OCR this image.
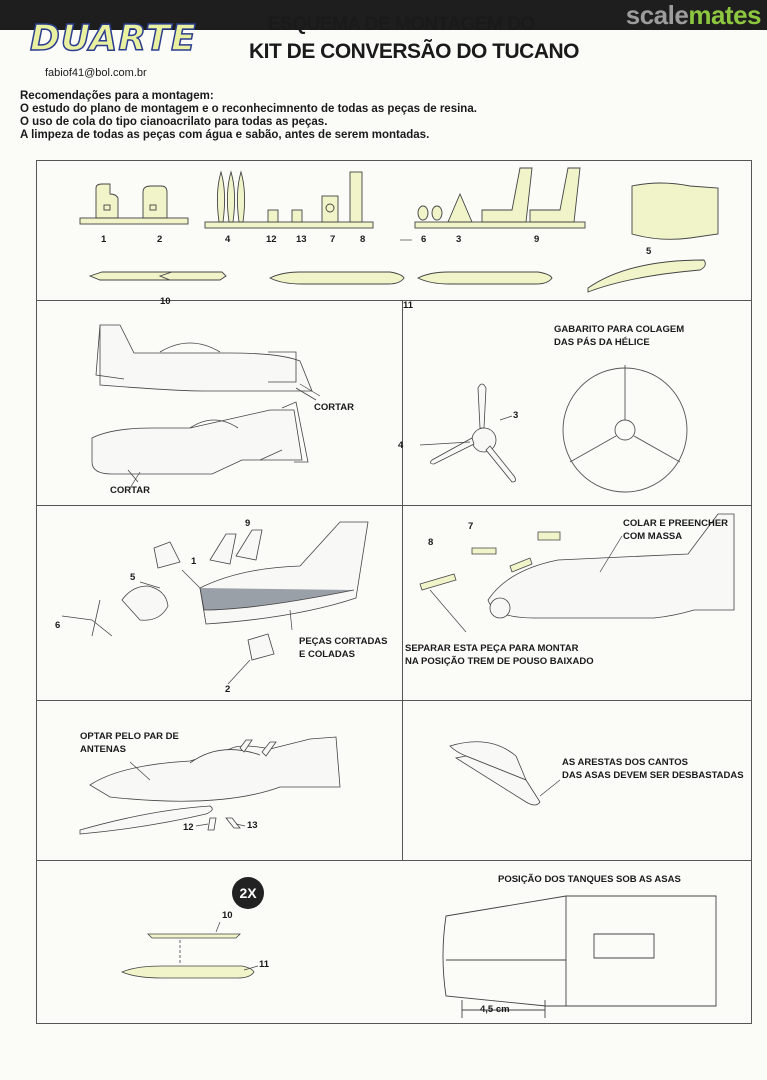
scalemates
DUARTE
fabiof41@bol.com.br
ESQUEMA DE MONTAGEM DO
KIT DE CONVERSÃO DO TUCANO
Recomendações para a montagem:
O estudo do plano de montagem e o reconhecimnento de todas as peças de resina.
O uso de cola do tipo cianoacrilato para todas as peças.
A limpeza de todas as peças com água e sabão, antes de serem montadas.
1	2	4	12 13 7	8	6	3	9
5
10	11
CORTAR
CORTAR
GABARITO PARA COLAGEM
DAS PÁS DA HÉLICE
3
4
9
1
5
6
2
PEÇAS CORTADAS
E COLADAS
7
8
COLAR E PREENCHER
COM MASSA
SEPARAR ESTA PEÇA PARA MONTAR
NA POSIÇÃO TREM DE POUSO BAIXADO
OPTAR PELO PAR DE
ANTENAS
12	13
AS ARESTAS DOS CANTOS
DAS ASAS DEVEM SER DESBASTADAS
2X
10
11
POSIÇÃO DOS TANQUES SOB AS ASAS
4,5 cm
